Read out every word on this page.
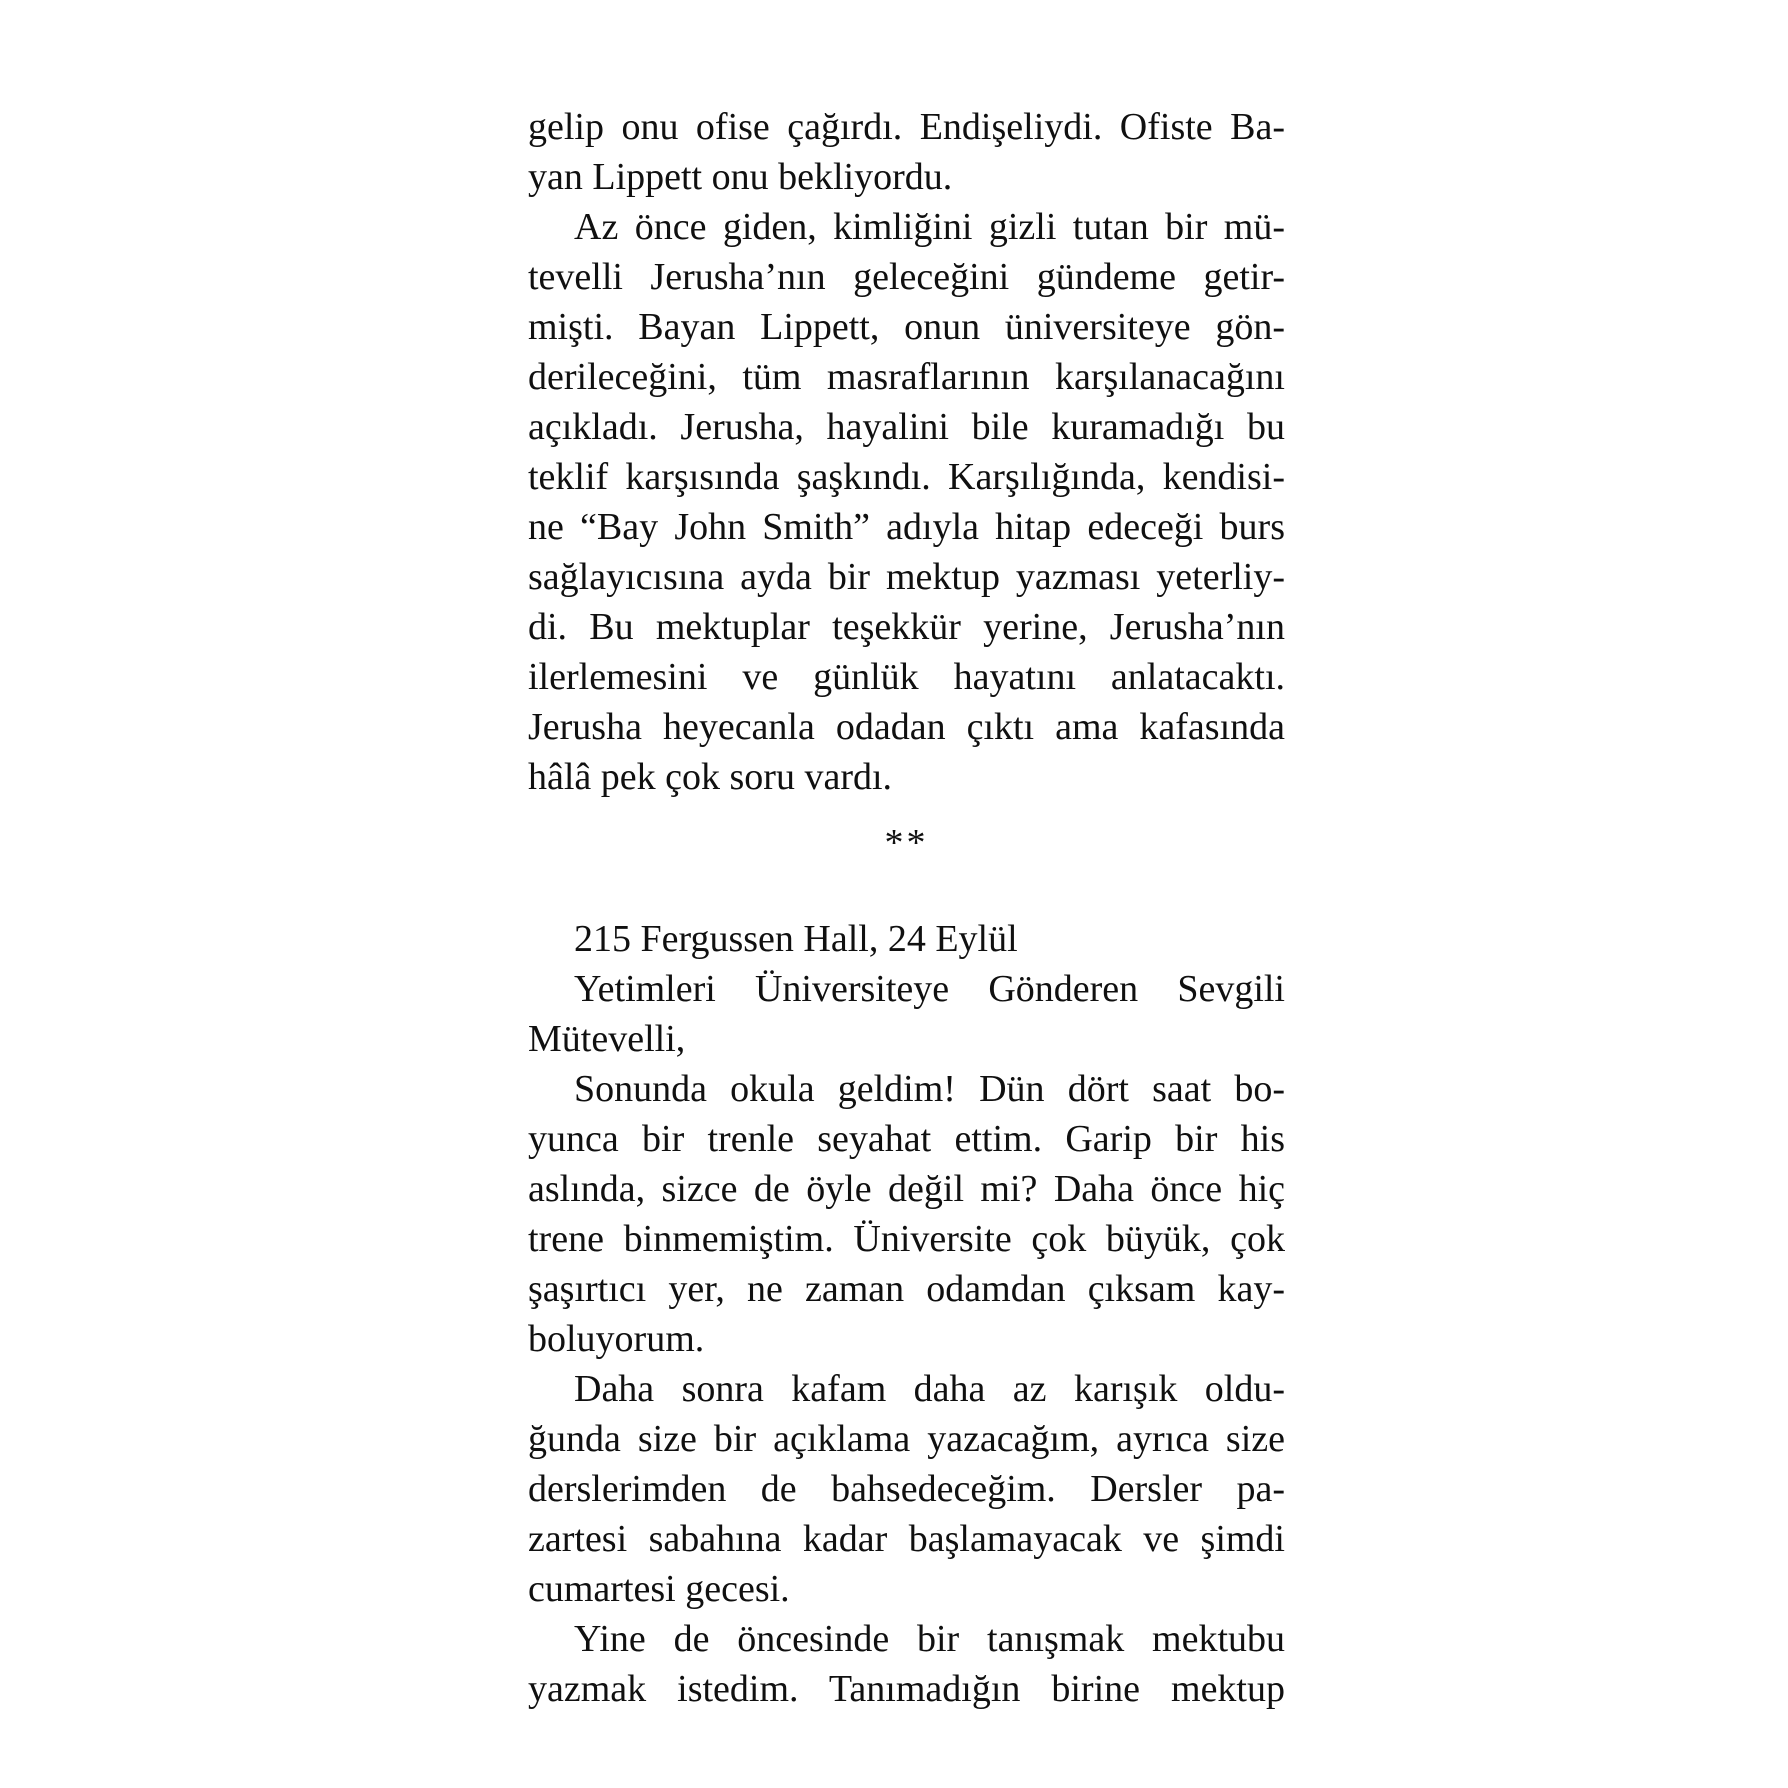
gelip onu ofise çağırdı. Endişeliydi. Ofiste Ba-
yan Lippett onu bekliyordu.
Az önce giden, kimliğini gizli tutan bir mü-
tevelli Jerusha’nın geleceğini gündeme getir-
mişti. Bayan Lippett, onun üniversiteye gön-
derileceğini, tüm masraflarının karşılanacağını
açıkladı. Jerusha, hayalini bile kuramadığı bu
teklif karşısında şaşkındı. Karşılığında, kendisi-
ne “Bay John Smith” adıyla hitap edeceği burs
sağlayıcısına ayda bir mektup yazması yeterliy-
di. Bu mektuplar teşekkür yerine, Jerusha’nın
ilerlemesini ve günlük hayatını anlatacaktı.
Jerusha heyecanla odadan çıktı ama kafasında
hâlâ pek çok soru vardı.
**
215 Fergussen Hall, 24 Eylül
Yetimleri Üniversiteye Gönderen Sevgili
Mütevelli,
Sonunda okula geldim! Dün dört saat bo-
yunca bir trenle seyahat ettim. Garip bir his
aslında, sizce de öyle değil mi? Daha önce hiç
trene binmemiştim. Üniversite çok büyük, çok
şaşırtıcı yer, ne zaman odamdan çıksam kay-
boluyorum.
Daha sonra kafam daha az karışık oldu-
ğunda size bir açıklama yazacağım, ayrıca size
derslerimden de bahsedeceğim. Dersler pa-
zartesi sabahına kadar başlamayacak ve şimdi
cumartesi gecesi.
Yine de öncesinde bir tanışmak mektubu
yazmak istedim. Tanımadığın birine mektup
